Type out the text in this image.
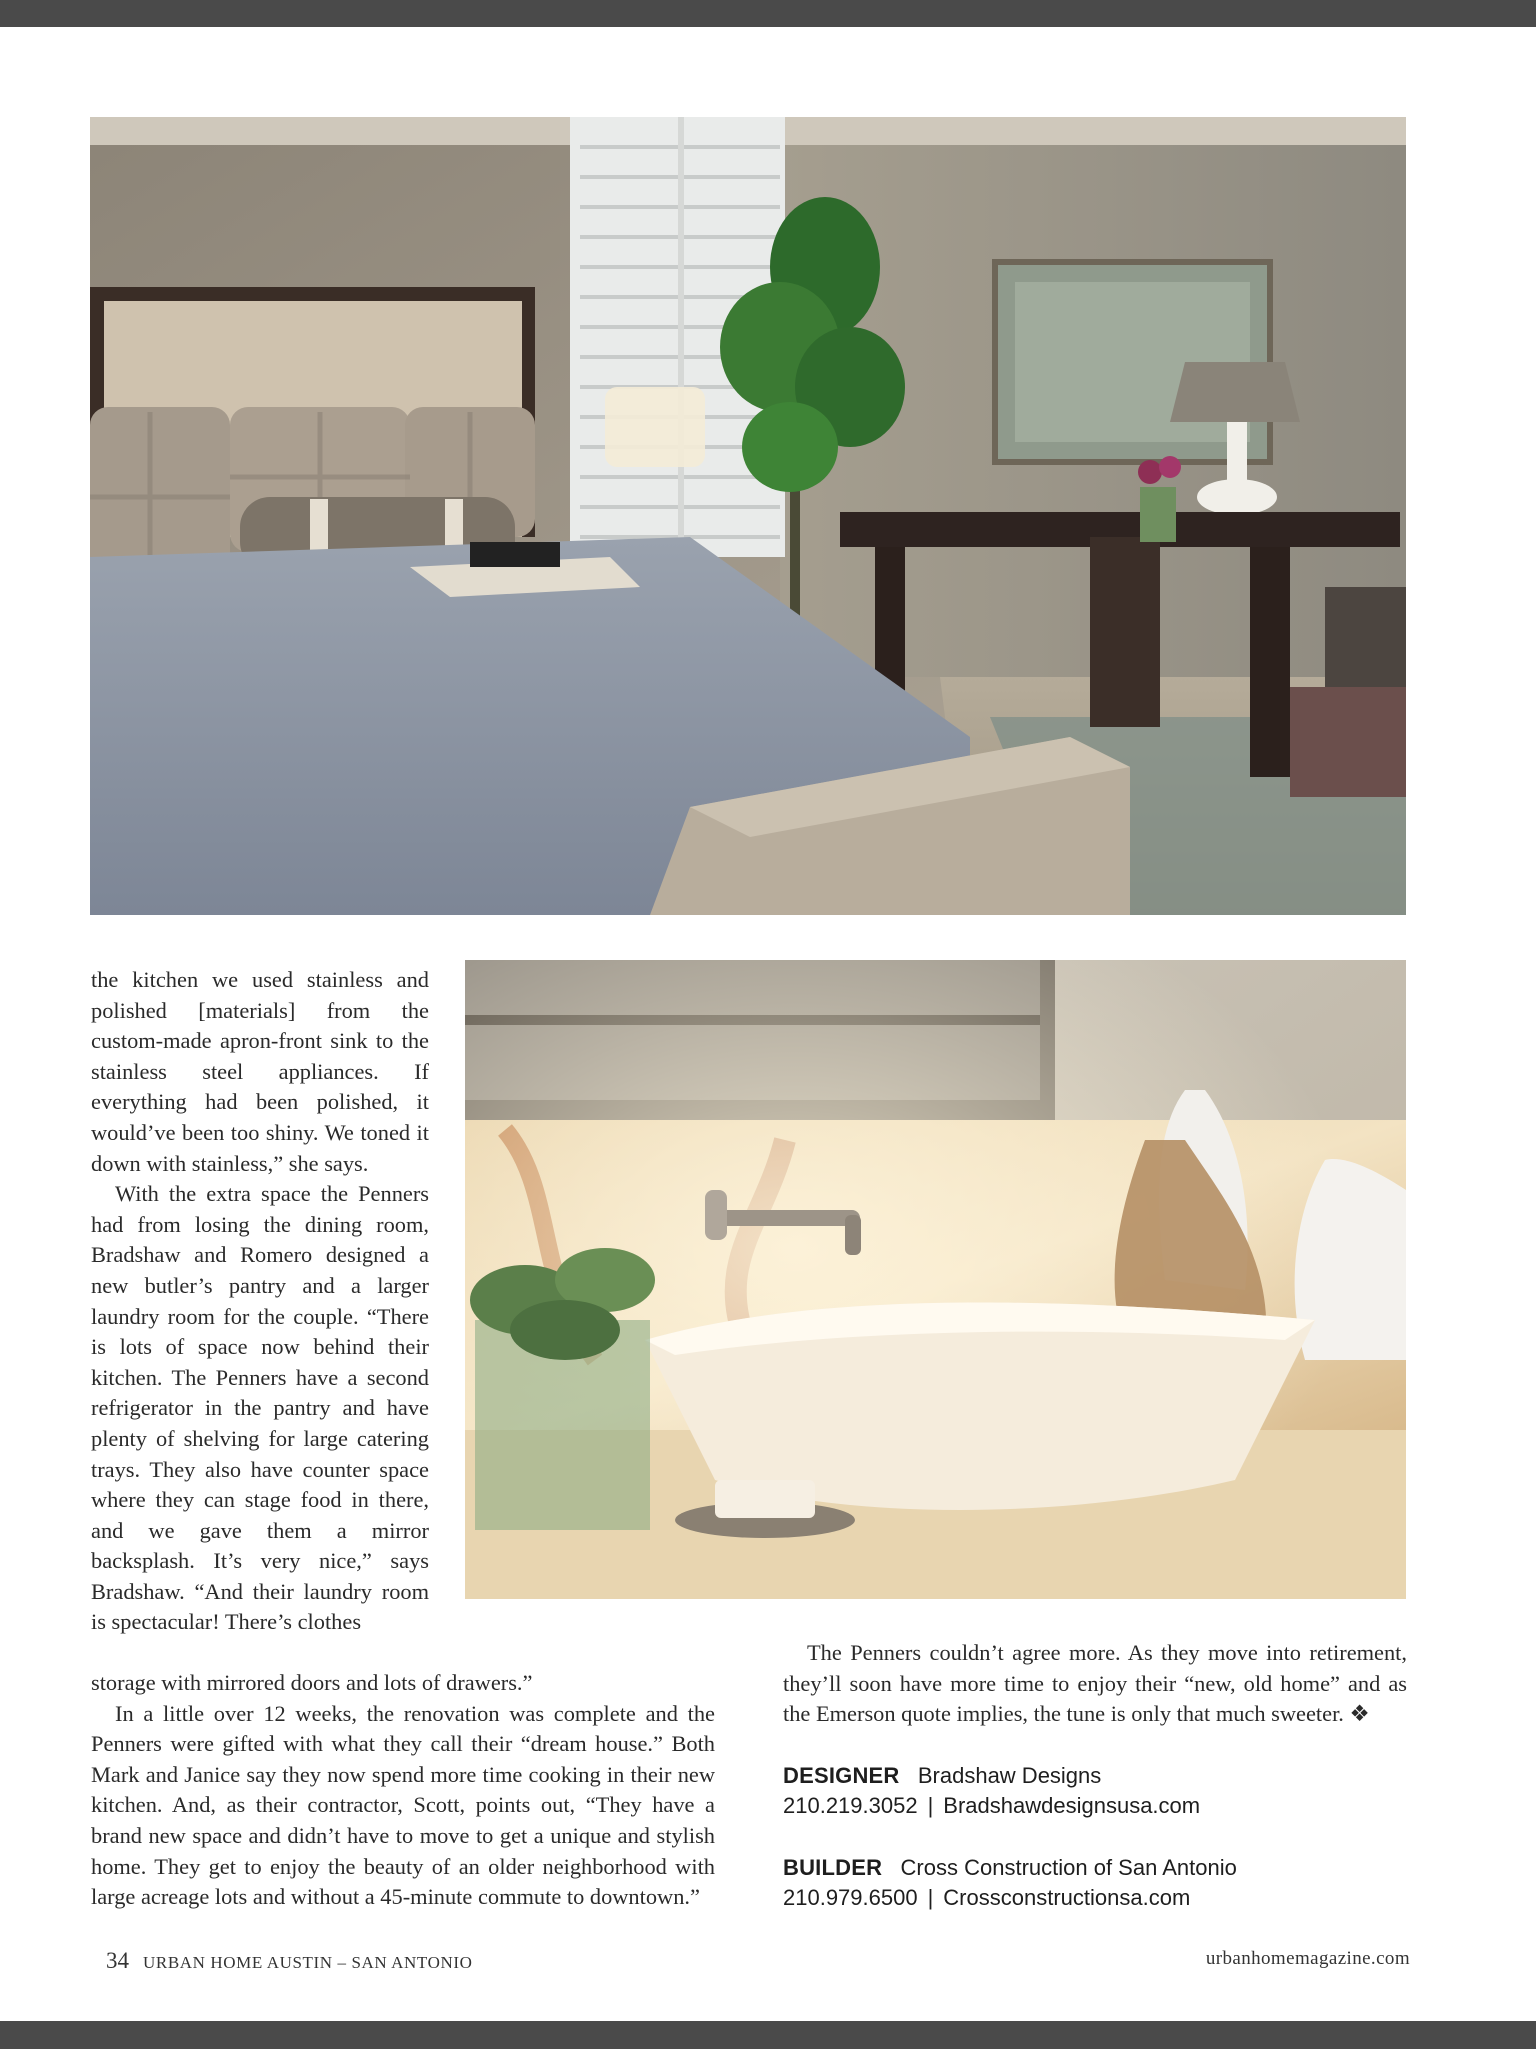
the kitchen we used stainless and polished [materials] from the custom-made apron-front sink to the stainless steel appliances. If everything had been polished, it would’ve been too shiny. We toned it down with stainless,” she says.

With the extra space the Penners had from losing the dining room, Bradshaw and Romero designed a new butler’s pantry and a larger laundry room for the couple. “There is lots of space now behind their kitchen. The Penners have a second refrigerator in the pantry and have plenty of shelving for large catering trays. They also have counter space where they can stage food in there, and we gave them a mirror backsplash. It’s very nice,” says Bradshaw. “And their laundry room is spectacular! There’s clothes

storage with mirrored doors and lots of drawers.”

In a little over 12 weeks, the renovation was complete and the Penners were gifted with what they call their “dream house.” Both Mark and Janice say they now spend more time cooking in their new kitchen. And, as their contractor, Scott, points out, “They have a brand new space and didn’t have to move to get a unique and stylish home. They get to enjoy the beauty of an older neighborhood with large acreage lots and without a 45-minute commute to downtown.”

The Penners couldn’t agree more. As they move into retirement, they’ll soon have more time to enjoy their “new, old home” and as the Emerson quote implies, the tune is only that much sweeter. ❖

DESIGNER Bradshaw Designs
210.219.3052 | Bradshawdesignsusa.com
BUILDER Cross Construction of San Antonio
210.979.6500 | Crossconstructionsa.com
34 URBAN HOME AUSTIN – SAN ANTONIO	urbanhomemagazine.com
